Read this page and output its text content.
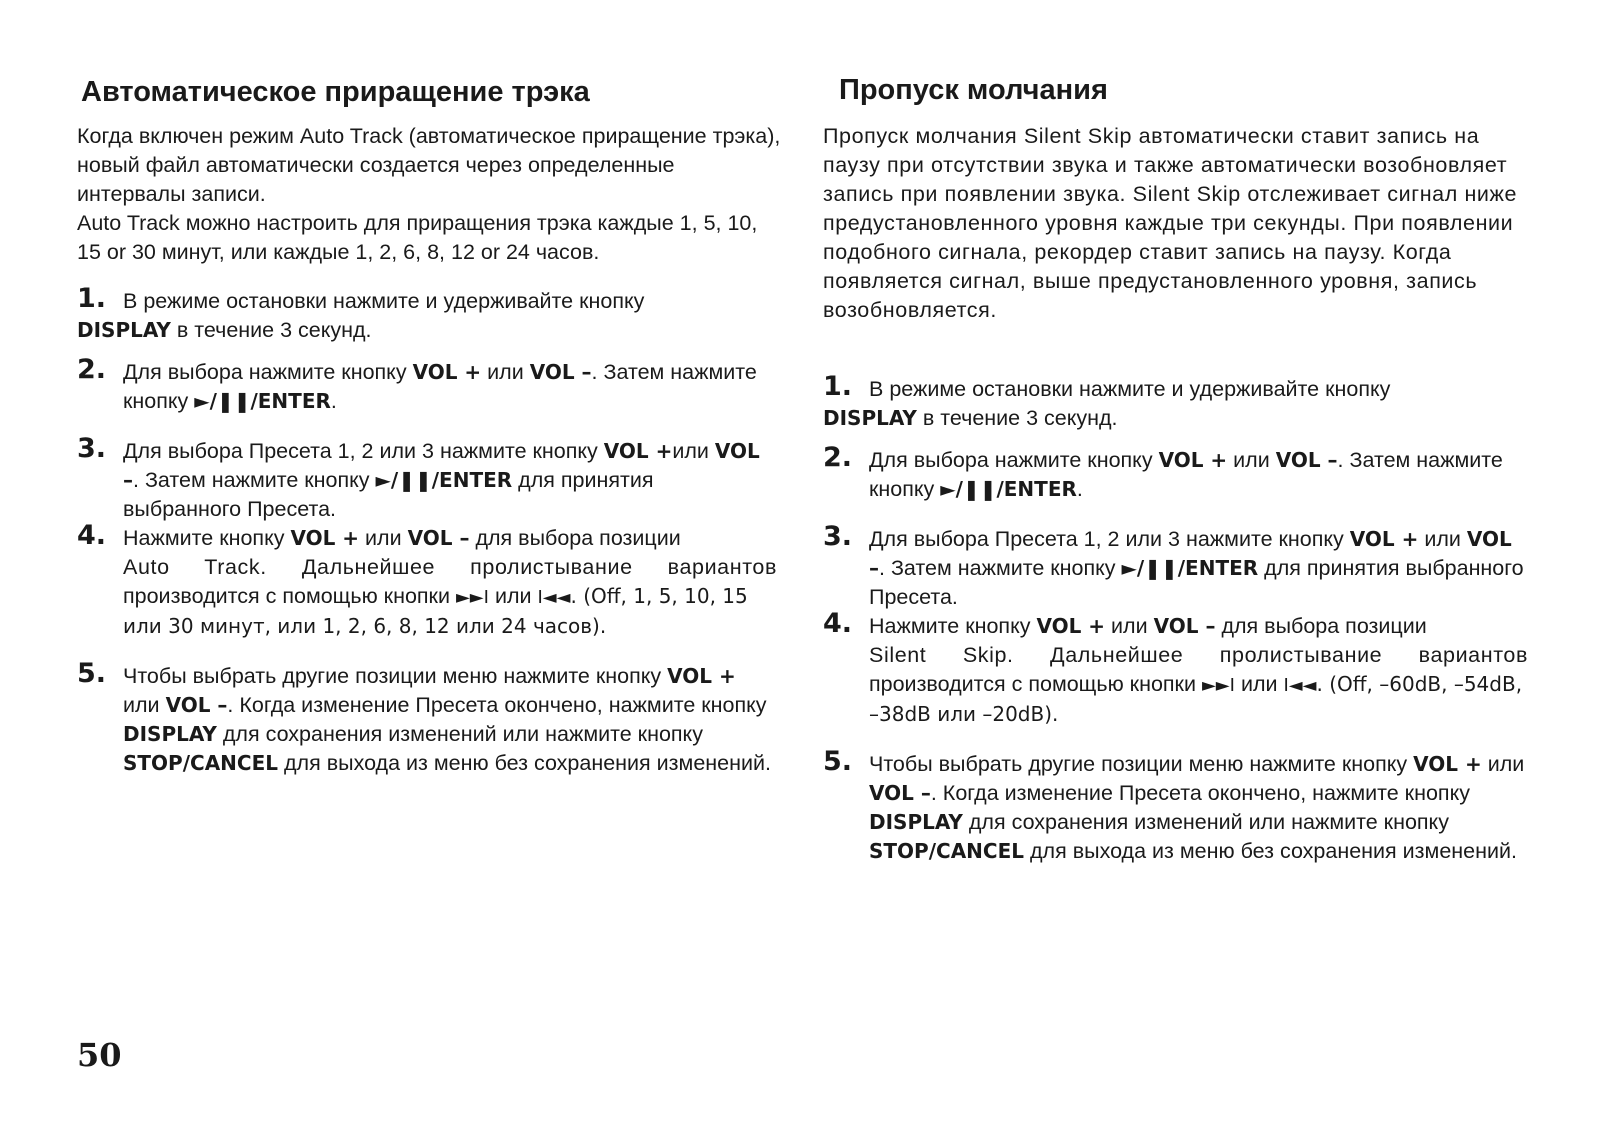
Автоматическое приращение трэка

Когда включен режим Auto Track (автоматическое приращение трэка), новый файл автоматически создается через определенные интервалы записи.

Auto Track можно настроить для приращения трэка каждые 1, 5, 10, 15 or 30 минут, или каждые 1, 2, 6, 8, 12 or 24 часов.

1. В режиме остановки нажмите и удерживайте кнопку
DISPLAY в течение 3 секунд.
2. Для выбора нажмите кнопку VOL + или VOL –. Затем нажмите кнопку ►/❚❚/ENTER.
3. Для выбора Пресета 1, 2 или 3 нажмите кнопку VOL +или VOL –. Затем нажмите кнопку ►/❚❚/ENTER для принятия выбранного Пресета.
4. Нажмите кнопку VOL + или VOL – для выбора позиции
Auto Track. Дальнейшее пролистывание вариантов
производится с помощью кнопки ►►I или I◄◄. (Off, 1, 5, 10, 15 или 30 минут, или 1, 2, 6, 8, 12 или 24 часов).
5. Чтобы выбрать другие позиции меню нажмите кнопку VOL + или VOL –. Когда изменение Пресета окончено, нажмите кнопку DISPLAY для сохранения изменений или нажмите кнопку STOP/CANCEL для выхода из меню без сохранения изменений.
Пропуск молчания

Пропуск молчания Silent Skip автоматически ставит запись на паузу при отсутствии звука и также автоматически возобновляет запись при появлении звука. Silent Skip отслеживает сигнал ниже предустановленного уровня каждые три секунды. При появлении подобного сигнала, рекордер ставит запись на паузу. Когда появляется сигнал, выше предустановленного уровня, запись возобновляется.

1. В режиме остановки нажмите и удерживайте кнопку
DISPLAY в течение 3 секунд.
2. Для выбора нажмите кнопку VOL + или VOL –. Затем нажмите кнопку ►/❚❚/ENTER.
3. Для выбора Пресета 1, 2 или 3 нажмите кнопку VOL + или VOL –. Затем нажмите кнопку ►/❚❚/ENTER для принятия выбранного Пресета.
4. Нажмите кнопку VOL + или VOL – для выбора позиции
Silent Skip. Дальнейшее пролистывание вариантов
производится с помощью кнопки ►►I или I◄◄. (Off, –60dB, –54dB, –38dB или –20dB).
5. Чтобы выбрать другие позиции меню нажмите кнопку VOL + или VOL –. Когда изменение Пресета окончено, нажмите кнопку DISPLAY для сохранения изменений или нажмите кнопку STOP/CANCEL для выхода из меню без сохранения изменений.
50
